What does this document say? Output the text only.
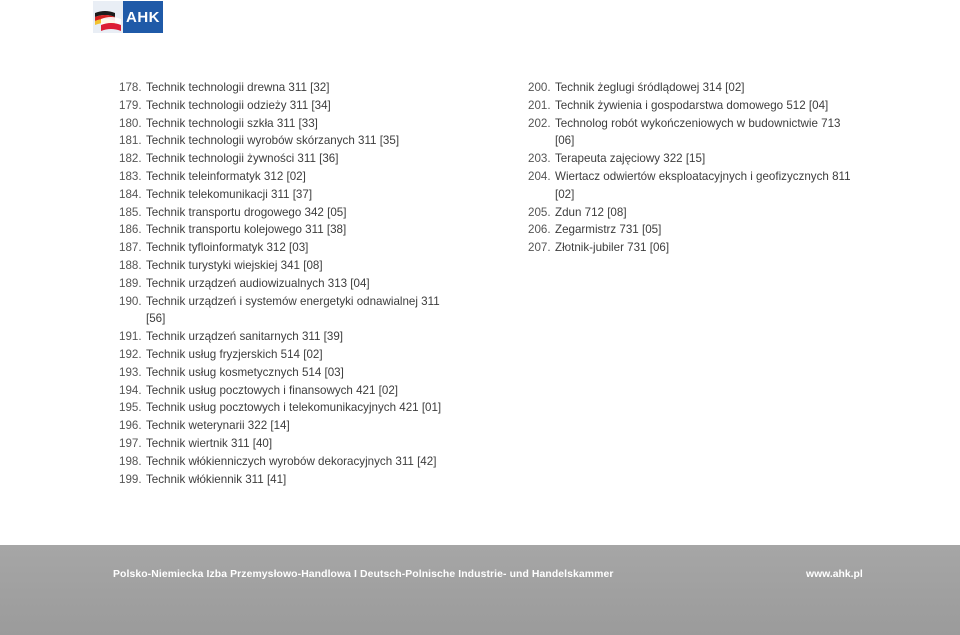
AHK
178. Technik technologii drewna 311 [32]
179. Technik technologii odzieży 311 [34]
180. Technik technologii szkła 311 [33]
181. Technik technologii wyrobów skórzanych 311 [35]
182. Technik technologii żywności 311 [36]
183. Technik teleinformatyk 312 [02]
184. Technik telekomunikacji 311 [37]
185. Technik transportu drogowego 342 [05]
186. Technik transportu kolejowego 311 [38]
187. Technik tyfloinformatyk 312 [03]
188. Technik turystyki wiejskiej 341 [08]
189. Technik urządzeń audiowizualnych 313 [04]
190. Technik urządzeń i systemów energetyki odnawialnej 311 [56]
191. Technik urządzeń sanitarnych 311 [39]
192. Technik usług fryzjerskich 514 [02]
193. Technik usług kosmetycznych 514 [03]
194. Technik usług pocztowych i finansowych 421 [02]
195. Technik usług pocztowych i telekomunikacyjnych 421 [01]
196. Technik weterynarii 322 [14]
197. Technik wiertnik 311 [40]
198. Technik włókienniczych wyrobów dekoracyjnych 311 [42]
199. Technik włókiennik 311 [41]
200. Technik żeglugi śródlądowej 314 [02]
201. Technik żywienia i gospodarstwa domowego 512 [04]
202. Technolog robót wykończeniowych w budownictwie 713 [06]
203. Terapeuta zajęciowy 322 [15]
204. Wiertacz odwiertów eksploatacyjnych i geofizycznych 811 [02]
205. Zdun 712 [08]
206. Zegarmistrz 731 [05]
207. Złotnik-jubiler 731 [06]
Polsko-Niemiecka Izba Przemysłowo-Handlowa I Deutsch-Polnische Industrie- und Handelskammer	www.ahk.pl
